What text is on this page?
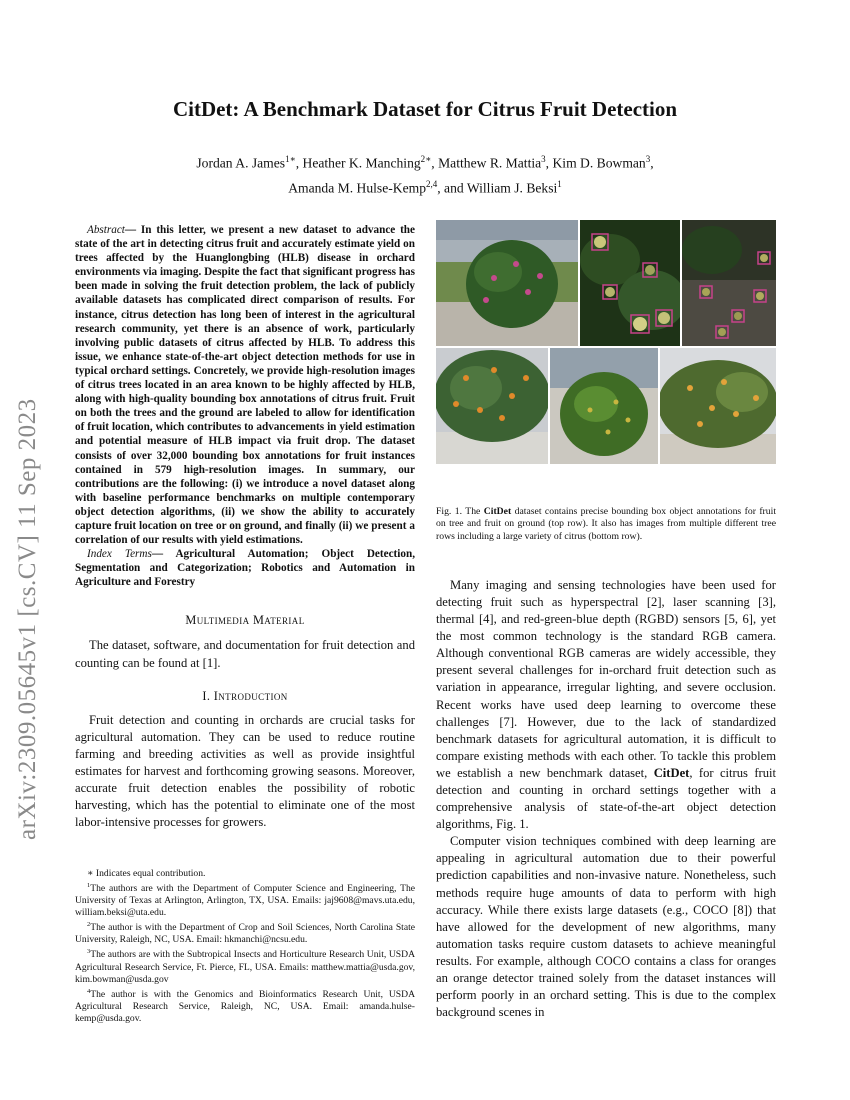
arXiv:2309.05645v1 [cs.CV] 11 Sep 2023
CitDet: A Benchmark Dataset for Citrus Fruit Detection
Jordan A. James$^{1∗}$, Heather K. Manching$^{2∗}$, Matthew R. Mattia$^3$, Kim D. Bowman$^3$,
Amanda M. Hulse-Kemp$^{2,4}$, and William J. Beksi$^1$

Abstract— In this letter, we present a new dataset to advance the state of the art in detecting citrus fruit and accurately estimate yield on trees affected by the Huanglongbing (HLB) disease in orchard environments via imaging. Despite the fact that significant progress has been made in solving the fruit detection problem, the lack of publicly available datasets has complicated direct comparison of results. For instance, citrus detection has long been of interest in the agricultural research community, yet there is an absence of work, particularly involving public datasets of citrus affected by HLB. To address this issue, we enhance state-of-the-art object detection methods for use in typical orchard settings. Concretely, we provide high-resolution images of citrus trees located in an area known to be highly affected by HLB, along with high-quality bounding box annotations of citrus fruit. Fruit on both the trees and the ground are labeled to allow for identification of fruit location, which contributes to advancements in yield estimation and potential measure of HLB impact via fruit drop. The dataset consists of over 32,000 bounding box annotations for fruit instances contained in 579 high-resolution images. In summary, our contributions are the following: (i) we introduce a novel dataset along with baseline performance benchmarks on multiple contemporary object detection algorithms, (ii) we show the ability to accurately capture fruit location on tree or on ground, and finally (ii) we present a correlation of our results with yield estimations.

Index Terms— Agricultural Automation; Object Detection, Segmentation and Categorization; Robotics and Automation in Agriculture and Forestry

Multimedia Material

The dataset, software, and documentation for fruit detection and counting can be found at [1].

I. Introduction

Fruit detection and counting in orchards are crucial tasks for agricultural automation. They can be used to reduce routine farming and breeding activities as well as provide insightful estimates for harvest and forthcoming growing seasons. Moreover, accurate fruit detection enables the possibility of robotic harvesting, which has the potential to eliminate one of the most labor-intensive processes for growers.

∗ Indicates equal contribution.

$^1$The authors are with the Department of Computer Science and Engineering, The University of Texas at Arlington, Arlington, TX, USA. Emails: jaj9608@mavs.uta.edu, william.beksi@uta.edu.

$^2$The author is with the Department of Crop and Soil Sciences, North Carolina State University, Raleigh, NC, USA. Email: hkmanchi@ncsu.edu.

$^3$The authors are with the Subtropical Insects and Horticulture Research Unit, USDA Agricultural Research Service, Ft. Pierce, FL, USA. Emails: matthew.mattia@usda.gov, kim.bowman@usda.gov

$^4$The author is with the Genomics and Bioinformatics Research Unit, USDA Agricultural Research Service, Raleigh, NC, USA. Email: amanda.hulse-kemp@usda.gov.

Fig. 1. The CitDet dataset contains precise bounding box object annotations for fruit on tree and fruit on ground (top row). It also has images from multiple different tree rows including a large variety of citrus (bottom row).

Many imaging and sensing technologies have been used for detecting fruit such as hyperspectral [2], laser scanning [3], thermal [4], and red-green-blue depth (RGBD) sensors [5, 6], yet the most common technology is the standard RGB camera. Although conventional RGB cameras are widely accessible, they present several challenges for in-orchard fruit detection such as variation in appearance, irregular lighting, and severe occlusion. Recent works have used deep learning to overcome these challenges [7]. However, due to the lack of standardized benchmark datasets for agricultural automation, it is difficult to compare existing methods with each other. To tackle this problem we establish a new benchmark dataset, CitDet, for citrus fruit detection and counting in orchard settings together with a comprehensive analysis of state-of-the-art object detection algorithms, Fig. 1.

Computer vision techniques combined with deep learning are appealing in agricultural automation due to their powerful prediction capabilities and non-invasive nature. Nonetheless, such methods require huge amounts of data to perform with high accuracy. While there exists large datasets (e.g., COCO [8]) that have allowed for the development of new algorithms, many automation tasks require custom datasets to achieve meaningful results. For example, although COCO contains a class for oranges an orange detector trained solely from the dataset instances will perform poorly in an orchard setting. This is due to the complex background scenes in
